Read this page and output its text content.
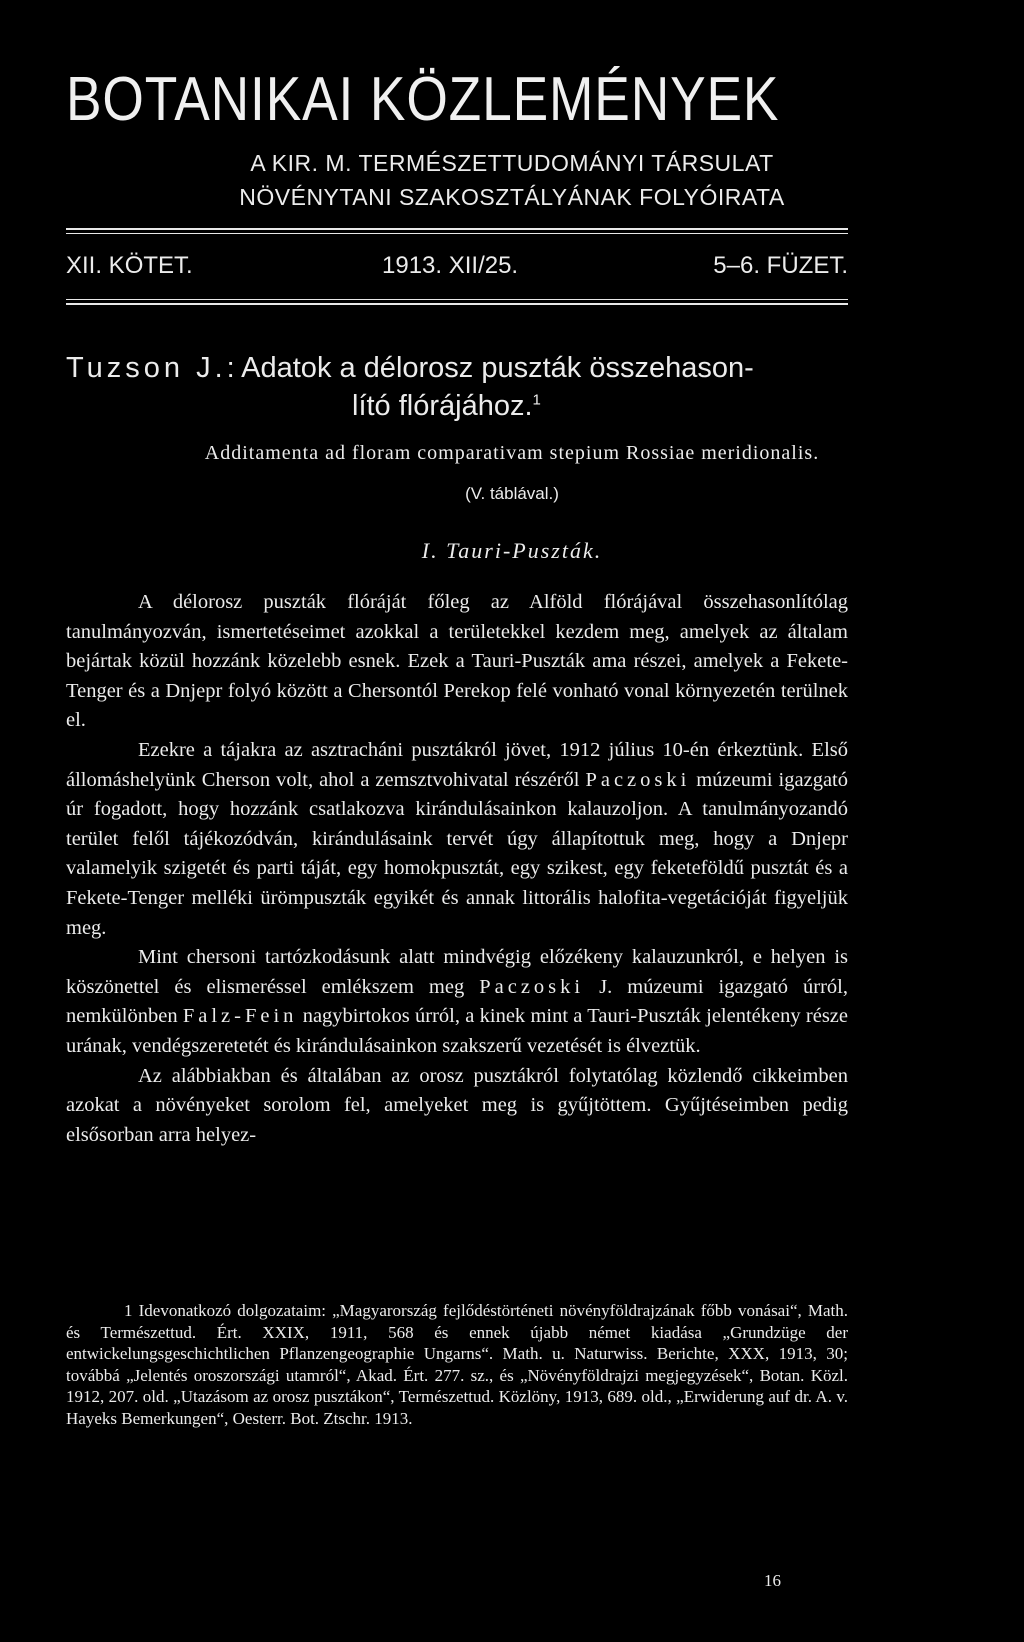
BOTANIKAI KÖZLEMÉNYEK
A KIR. M. TERMÉSZETTUDOMÁNYI TÁRSULAT
NÖVÉNYTANI SZAKOSZTÁLYÁNAK FOLYÓIRATA
XII. KÖTET.	1913. XII/25.	5–6. FÜZET.
Tuzson J.: Adatok a délorosz puszták összehason-
lító flórájához.$^1$
Additamenta ad floram comparativam stepium Rossiae meridionalis.
(V. táblával.)
I. Tauri-Puszták.

A délorosz puszták flóráját főleg az Alföld flórájával összehasonlítólag tanulmányozván, ismertetéseimet azokkal a területekkel kezdem meg, amelyek az általam bejártak közül hozzánk közelebb esnek. Ezek a Tauri-Puszták ama részei, amelyek a Fekete-Tenger és a Dnjepr folyó között a Chersontól Perekop felé vonható vonal környezetén terülnek el.

Ezekre a tájakra az asztracháni pusztákról jövet, 1912 július 10-én érkeztünk. Első állomáshelyünk Cherson volt, ahol a zemsztvohivatal részéről Paczoski múzeumi igazgató úr fogadott, hogy hozzánk csatlakozva kirándulásainkon kalauzoljon. A tanulmányozandó terület felől tájékozódván, kirándulásaink tervét úgy állapítottuk meg, hogy a Dnjepr valamelyik szigetét és parti táját, egy homokpusztát, egy szikest, egy feketeföldű pusztát és a Fekete-Tenger melléki ürömpuszták egyikét és annak littorális halofita-vegetációját figyeljük meg.

Mint chersoni tartózkodásunk alatt mindvégig előzékeny kalauzunkról, e helyen is köszönettel és elismeréssel emlékszem meg Paczoski J. múzeumi igazgató úrról, nemkülönben Falz-Fein nagybirtokos úrról, a kinek mint a Tauri-Puszták jelentékeny része urának, vendégszeretetét és kirándulásainkon szakszerű vezetését is élveztük.

Az alábbiakban és általában az orosz pusztákról folytatólag közlendő cikkeimben azokat a növényeket sorolom fel, amelyeket meg is gyűjtöttem. Gyűjtéseimben pedig elsősorban arra helyez-

1 Idevonatkozó dolgozataim: „Magyarország fejlődéstörténeti növényföldrajzának főbb vonásai“, Math. és Természettud. Ért. XXIX, 1911, 568 és ennek újabb német kiadása „Grundzüge der entwickelungsgeschichtlichen Pflanzengeographie Ungarns“. Math. u. Naturwiss. Berichte, XXX, 1913, 30; továbbá „Jelentés oroszországi utamról“, Akad. Ért. 277. sz., és „Növényföldrajzi megjegyzések“, Botan. Közl. 1912, 207. old. „Utazásom az orosz pusztákon“, Természettud. Közlöny, 1913, 689. old., „Erwiderung auf dr. A. v. Hayeks Bemerkungen“, Oesterr. Bot. Ztschr. 1913.

16
